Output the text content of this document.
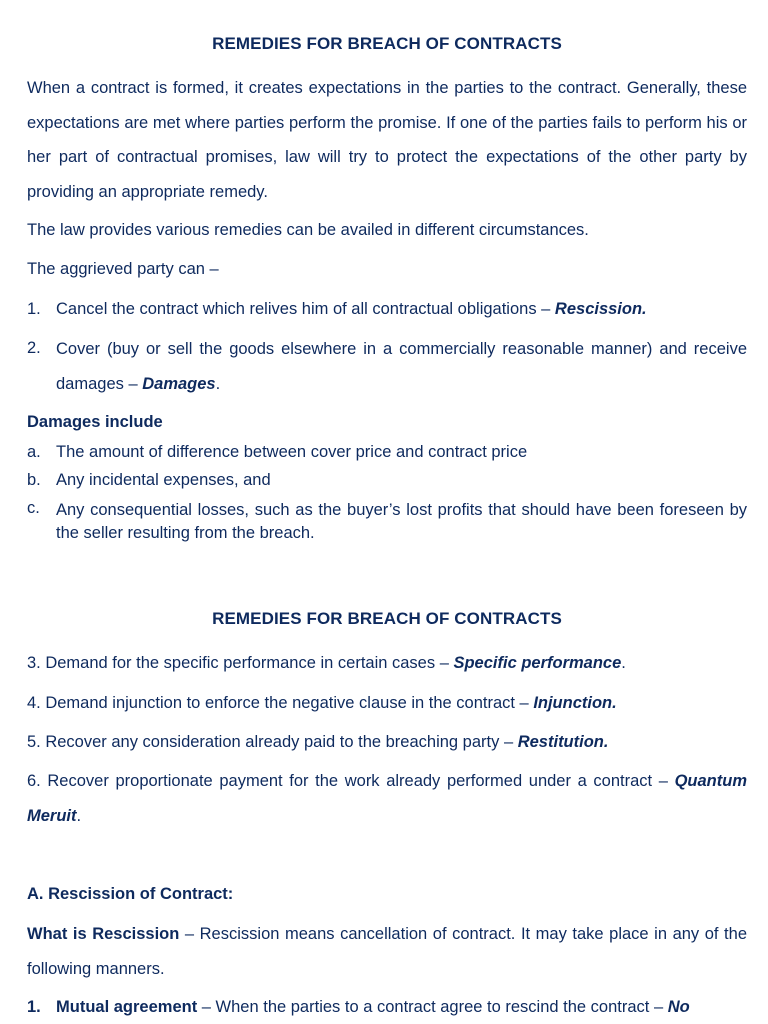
REMEDIES FOR BREACH OF CONTRACTS

When a contract is formed, it creates expectations in the parties to the contract. Generally, these expectations are met where parties perform the promise. If one of the parties fails to perform his or her part of contractual promises, law will try to protect the expectations of the other party by providing an appropriate remedy.

The law provides various remedies can be availed in different circumstances.
The aggrieved party can –
1. Cancel the contract which relives him of all contractual obligations – Rescission.
2. Cover (buy or sell the goods elsewhere in a commercially reasonable manner) and receive damages – Damages.
Damages include
a. The amount of difference between cover price and contract price
b. Any incidental expenses, and
c. Any consequential losses, such as the buyer’s lost profits that should have been foreseen by the seller resulting from the breach.
REMEDIES FOR BREACH OF CONTRACTS
3. Demand for the specific performance in certain cases – Specific performance.
4. Demand injunction to enforce the negative clause in the contract – Injunction.
5. Recover any consideration already paid to the breaching party – Restitution.

6. Recover proportionate payment for the work already performed under a contract – Quantum Meruit.

A. Rescission of Contract:

What is Rescission – Rescission means cancellation of contract. It may take place in any of the following manners.

1. Mutual agreement – When the parties to a contract agree to rescind the contract – No
